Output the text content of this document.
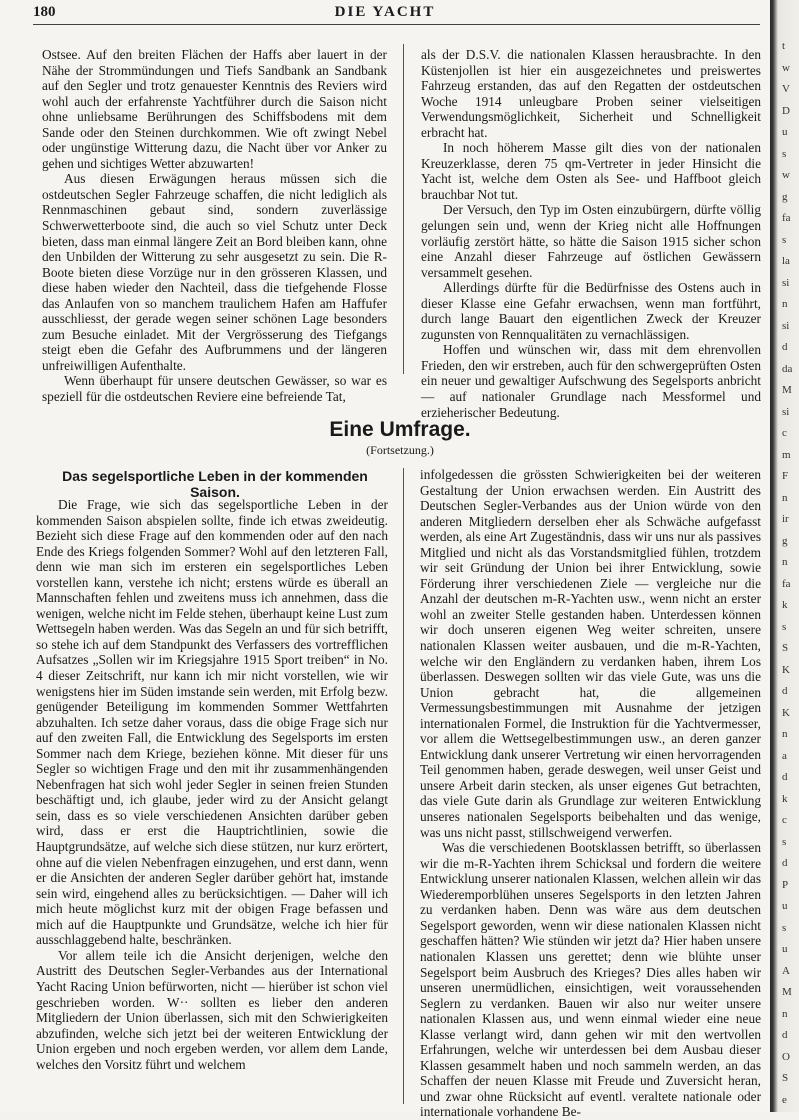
180	DIE YACHT

Ostsee. Auf den breiten Flächen der Haffs aber lauert in der Nähe der Strommündungen und Tiefs Sandbank an Sandbank auf den Segler und trotz genauester Kenntnis des Reviers wird wohl auch der erfahrenste Yachtführer durch die Saison nicht ohne unliebsame Berührungen des Schiffsbodens mit dem Sande oder den Steinen durchkommen. Wie oft zwingt Nebel oder ungünstige Witterung dazu, die Nacht über vor Anker zu gehen und sichtiges Wetter abzuwarten!

Aus diesen Erwägungen heraus müssen sich die ostdeutschen Segler Fahrzeuge schaffen, die nicht lediglich als Rennmaschinen gebaut sind, sondern zuverlässige Schwerwetterboote sind, die auch so viel Schutz unter Deck bieten, dass man einmal längere Zeit an Bord bleiben kann, ohne den Unbilden der Witterung zu sehr ausgesetzt zu sein. Die R-Boote bieten diese Vorzüge nur in den grösseren Klassen, und diese haben wieder den Nachteil, dass die tiefgehende Flosse das Anlaufen von so manchem traulichem Hafen am Haffufer ausschliesst, der gerade wegen seiner schönen Lage besonders zum Besuche einladet. Mit der Vergrösserung des Tiefgangs steigt eben die Gefahr des Aufbrummens und der längeren unfreiwilligen Aufenthalte.

Wenn überhaupt für unsere deutschen Gewässer, so war es speziell für die ostdeutschen Reviere eine befreiende Tat,

als der D.S.V. die nationalen Klassen herausbrachte. In den Küstenjollen ist hier ein ausgezeichnetes und preiswertes Fahrzeug erstanden, das auf den Regatten der ostdeutschen Woche 1914 unleugbare Proben seiner vielseitigen Verwendungsmöglichkeit, Sicherheit und Schnelligkeit erbracht hat.

In noch höherem Masse gilt dies von der nationalen Kreuzerklasse, deren 75 qm-Vertreter in jeder Hinsicht die Yacht ist, welche dem Osten als See- und Haffboot gleich brauchbar Not tut.

Der Versuch, den Typ im Osten einzubürgern, dürfte völlig gelungen sein und, wenn der Krieg nicht alle Hoffnungen vorläufig zerstört hätte, so hätte die Saison 1915 sicher schon eine Anzahl dieser Fahrzeuge auf östlichen Gewässern versammelt gesehen.

Allerdings dürfte für die Bedürfnisse des Ostens auch in dieser Klasse eine Gefahr erwachsen, wenn man fortführt, durch lange Bauart den eigentlichen Zweck der Kreuzer zugunsten von Rennqualitäten zu vernachlässigen.

Hoffen und wünschen wir, dass mit dem ehrenvollen Frieden, den wir erstreben, auch für den schwergeprüften Osten ein neuer und gewaltiger Aufschwung des Segelsports anbricht — auf nationaler Grundlage nach Messformel und erzieherischer Bedeutung.

Eine Umfrage.
(Fortsetzung.)
Das segelsportliche Leben in der kommenden Saison.

Die Frage, wie sich das segelsportliche Leben in der kommenden Saison abspielen sollte, finde ich etwas zweideutig. Bezieht sich diese Frage auf den kommenden oder auf den nach Ende des Kriegs folgenden Sommer? Wohl auf den letzteren Fall, denn wie man sich im ersteren ein segelsportliches Leben vorstellen kann, verstehe ich nicht; erstens würde es überall an Mannschaften fehlen und zweitens muss ich annehmen, dass die wenigen, welche nicht im Felde stehen, überhaupt keine Lust zum Wettsegeln haben werden. Was das Segeln an und für sich betrifft, so stehe ich auf dem Standpunkt des Verfassers des vortrefflichen Aufsatzes „Sollen wir im Kriegsjahre 1915 Sport treiben“ in No. 4 dieser Zeitschrift, nur kann ich mir nicht vorstellen, wie wir wenigstens hier im Süden imstande sein werden, mit Erfolg bezw. genügender Beteiligung im kommenden Sommer Wettfahrten abzuhalten. Ich setze daher voraus, dass die obige Frage sich nur auf den zweiten Fall, die Entwicklung des Segelsports im ersten Sommer nach dem Kriege, beziehen könne. Mit dieser für uns Segler so wichtigen Frage und den mit ihr zusammenhängenden Nebenfragen hat sich wohl jeder Segler in seinen freien Stunden beschäftigt und, ich glaube, jeder wird zu der Ansicht gelangt sein, dass es so viele verschiedenen Ansichten darüber geben wird, dass er erst die Hauptrichtlinien, sowie die Hauptgrundsätze, auf welche sich diese stützen, nur kurz erörtert, ohne auf die vielen Nebenfragen einzugehen, und erst dann, wenn er die Ansichten der anderen Segler darüber gehört hat, imstande sein wird, eingehend alles zu berücksichtigen. — Daher will ich mich heute möglichst kurz mit der obigen Frage befassen und mich auf die Hauptpunkte und Grundsätze, welche ich hier für ausschlaggebend halte, beschränken.

Vor allem teile ich die Ansicht derjenigen, welche den Austritt des Deutschen Segler-Verbandes aus der International Yacht Racing Union befürworten, nicht — hierüber ist schon viel geschrieben worden. W·· sollten es lieber den anderen Mitgliedern der Union überlassen, sich mit den Schwierigkeiten abzufinden, welche sich jetzt bei der weiteren Entwicklung der Union ergeben und noch ergeben werden, vor allem dem Lande, welches den Vorsitz führt und welchem

infolgedessen die grössten Schwierigkeiten bei der weiteren Gestaltung der Union erwachsen werden. Ein Austritt des Deutschen Segler-Verbandes aus der Union würde von den anderen Mitgliedern derselben eher als Schwäche aufgefasst werden, als eine Art Zugeständnis, dass wir uns nur als passives Mitglied und nicht als das Vorstandsmitglied fühlen, trotzdem wir seit Gründung der Union bei ihrer Entwicklung, sowie Förderung ihrer verschiedenen Ziele — vergleiche nur die Anzahl der deutschen m-R-Yachten usw., wenn nicht an erster wohl an zweiter Stelle gestanden haben. Unterdessen können wir doch unseren eigenen Weg weiter schreiten, unsere nationalen Klassen weiter ausbauen, und die m-R-Yachten, welche wir den Engländern zu verdanken haben, ihrem Los überlassen. Deswegen sollten wir das viele Gute, was uns die Union gebracht hat, die allgemeinen Vermessungsbestimmungen mit Ausnahme der jetzigen internationalen Formel, die Instruktion für die Yachtvermesser, vor allem die Wettsegelbestimmungen usw., an deren ganzer Entwicklung dank unserer Vertretung wir einen hervorragenden Teil genommen haben, gerade deswegen, weil unser Geist und unsere Arbeit darin stecken, als unser eigenes Gut betrachten, das viele Gute darin als Grundlage zur weiteren Entwicklung unseres nationalen Segelsports beibehalten und das wenige, was uns nicht passt, stillschweigend verwerfen.

Was die verschiedenen Bootsklassen betrifft, so überlassen wir die m-R-Yachten ihrem Schicksal und fordern die weitere Entwicklung unserer nationalen Klassen, welchen allein wir das Wiederemporblühen unseres Segelsports in den letzten Jahren zu verdanken haben. Denn was wäre aus dem deutschen Segelsport geworden, wenn wir diese nationalen Klassen nicht geschaffen hätten? Wie stünden wir jetzt da? Hier haben unsere nationalen Klassen uns gerettet; denn wie blühte unser Segelsport beim Ausbruch des Krieges? Dies alles haben wir unseren unermüdlichen, einsichtigen, weit voraussehenden Seglern zu verdanken. Bauen wir also nur weiter unsere nationalen Klassen aus, und wenn einmal wieder eine neue Klasse verlangt wird, dann gehen wir mit den wertvollen Erfahrungen, welche wir unterdessen bei dem Ausbau dieser Klassen gesammelt haben und noch sammeln werden, an das Schaffen der neuen Klasse mit Freude und Zuversicht heran, und zwar ohne Rücksicht auf eventl. veraltete nationale oder internationale vorhandene Be-

t
w
V
D
u
s
w
g
fa
s
la
si
n
si
d
da
M
si
c
m
F
n
ir
g
n
fa
k
s
S
K
d
K
n
a
d
k
c
s
d
P
u
s
u
A
M
n
d
O
S
e
